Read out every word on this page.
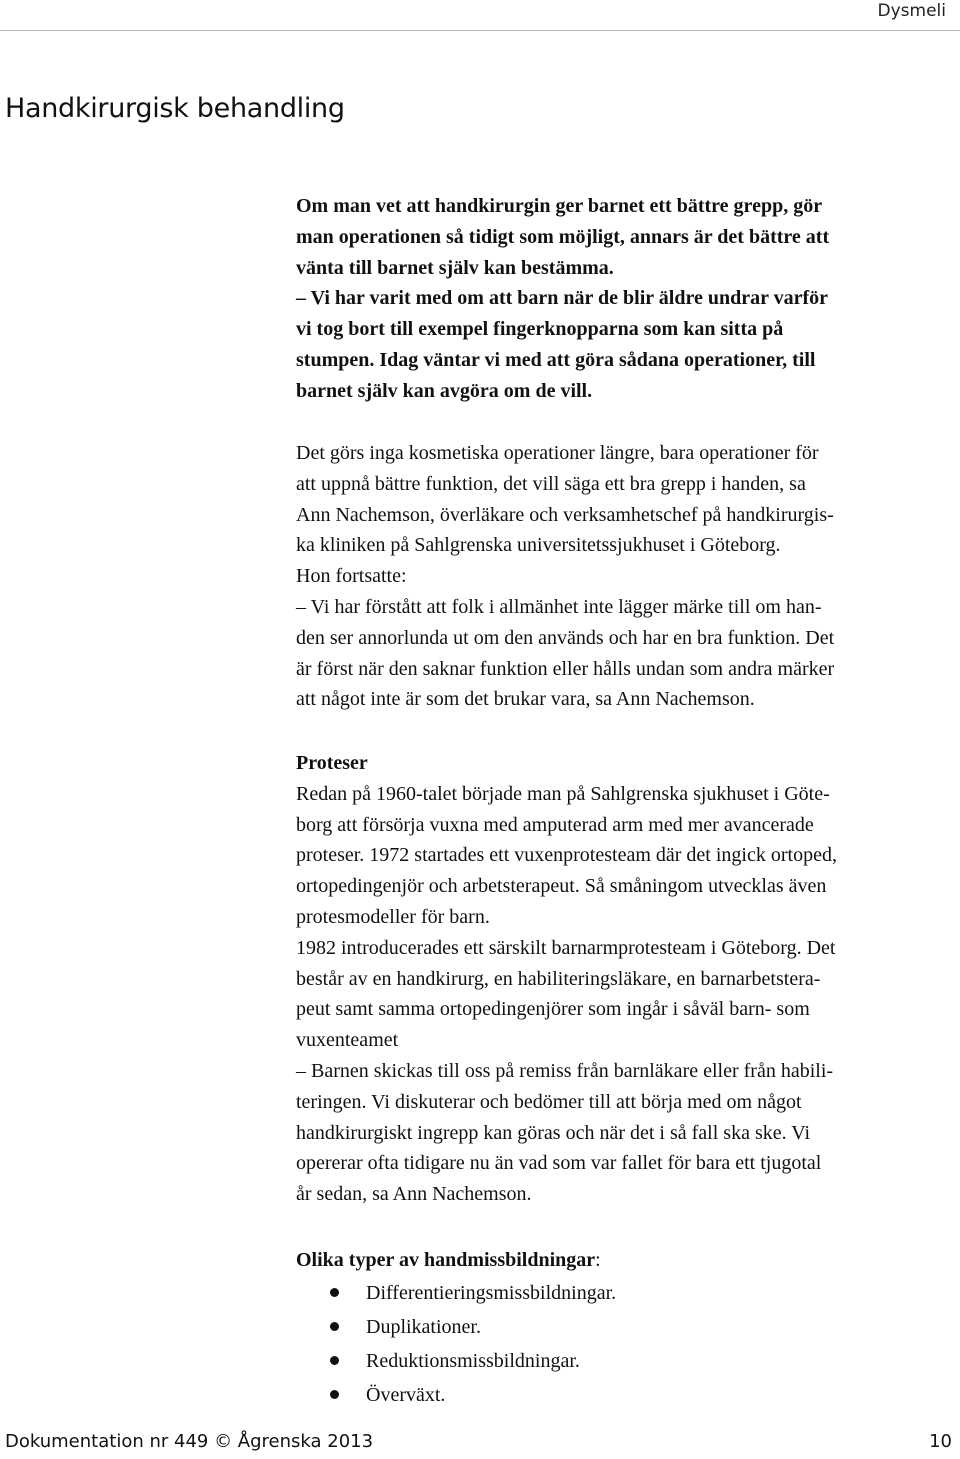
Dysmeli
Handkirurgisk behandling

Om man vet att handkirurgin ger barnet ett bättre grepp, gör

man operationen så tidigt som möjligt, annars är det bättre att

vänta till barnet själv kan bestämma.

– Vi har varit med om att barn när de blir äldre undrar varför

vi tog bort till exempel fingerknopparna som kan sitta på

stumpen. Idag väntar vi med att göra sådana operationer, till

barnet själv kan avgöra om de vill.

Det görs inga kosmetiska operationer längre, bara operationer för

att uppnå bättre funktion, det vill säga ett bra grepp i handen, sa

Ann Nachemson, överläkare och verksamhetschef på handkirurgis-

ka kliniken på Sahlgrenska universitetssjukhuset i Göteborg.

Hon fortsatte:

– Vi har förstått att folk i allmänhet inte lägger märke till om han-

den ser annorlunda ut om den används och har en bra funktion. Det

är först när den saknar funktion eller hålls undan som andra märker

att något inte är som det brukar vara, sa Ann Nachemson.

Proteser

Redan på 1960-talet började man på Sahlgrenska sjukhuset i Göte-

borg att försörja vuxna med amputerad arm med mer avancerade

proteser. 1972 startades ett vuxenprotesteam där det ingick ortoped,

ortopedingenjör och arbetsterapeut. Så småningom utvecklas även

protesmodeller för barn.

1982 introducerades ett särskilt barnarmprotesteam i Göteborg. Det

består av en handkirurg, en habiliteringsläkare, en barnarbetstera-

peut samt samma ortopedingenjörer som ingår i såväl barn- som

vuxenteamet

– Barnen skickas till oss på remiss från barnläkare eller från habili-

teringen. Vi diskuterar och bedömer till att börja med om något

handkirurgiskt ingrepp kan göras och när det i så fall ska ske. Vi

opererar ofta tidigare nu än vad som var fallet för bara ett tjugotal

år sedan, sa Ann Nachemson.

Olika typer av handmissbildningar:

Differentieringsmissbildningar.
Duplikationer.
Reduktionsmissbildningar.
Överväxt.
Dokumentation nr 449 © Ågrenska 2013	10
